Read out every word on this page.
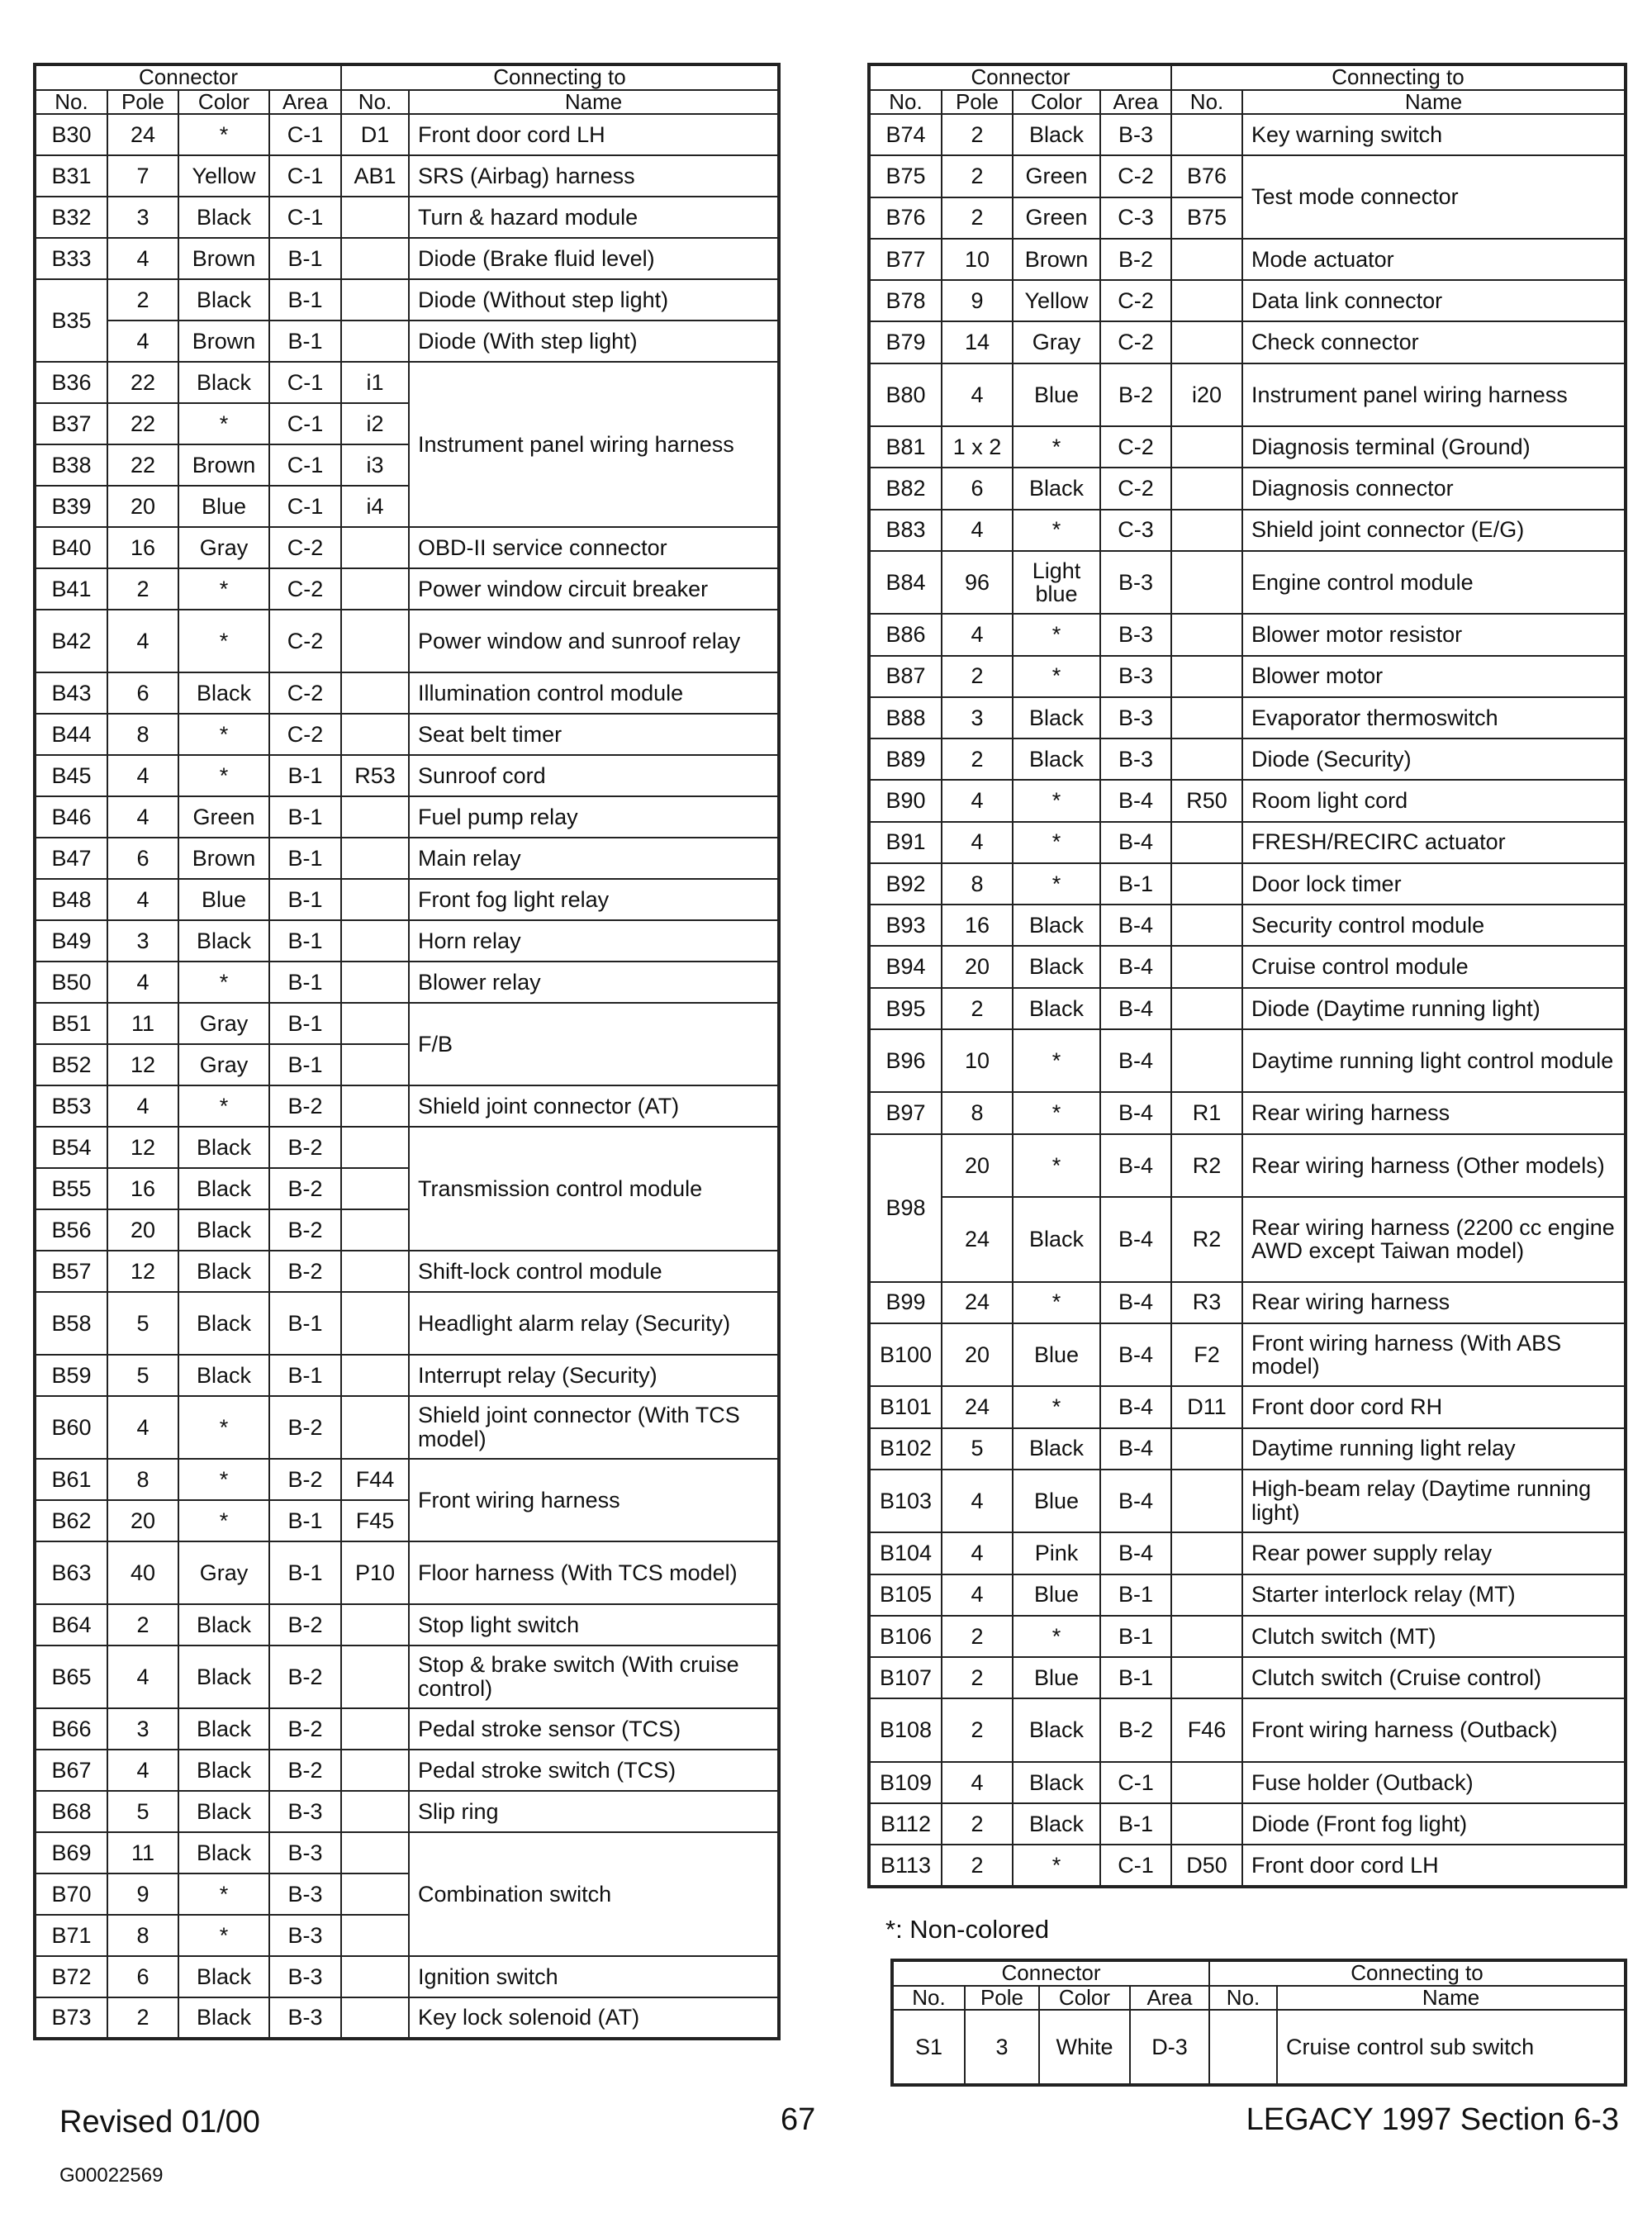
Connector				Connecting to	
No.	Pole	Color	Area	No.	Name
B30	24	*	C-1	D1	Front door cord LH
B31	7	Yellow	C-1	AB1	SRS (Airbag) harness
B32	3	Black	C-1		Turn & hazard module
B33	4	Brown	B-1		Diode (Brake fluid level)
B35	2	Black	B-1		Diode (Without step light)
	4	Brown	B-1		Diode (With step light)
B36	22	Black	C-1	i1	Instrument panel wiring harness
B37	22	*	C-1	i2	
B38	22	Brown	C-1	i3	
B39	20	Blue	C-1	i4	
B40	16	Gray	C-2		OBD-II service connector
B41	2	*	C-2		Power window circuit breaker
B42	4	*	C-2		Power window and sunroof relay
B43	6	Black	C-2		Illumination control module
B44	8	*	C-2		Seat belt timer
B45	4	*	B-1	R53	Sunroof cord
B46	4	Green	B-1		Fuel pump relay
B47	6	Brown	B-1		Main relay
B48	4	Blue	B-1		Front fog light relay
B49	3	Black	B-1		Horn relay
B50	4	*	B-1		Blower relay
B51	11	Gray	B-1		F/B
B52	12	Gray	B-1		
B53	4	*	B-2		Shield joint connector (AT)
B54	12	Black	B-2		Transmission control module
B55	16	Black	B-2		
B56	20	Black	B-2		
B57	12	Black	B-2		Shift-lock control module
B58	5	Black	B-1		Headlight alarm relay (Security)
B59	5	Black	B-1		Interrupt relay (Security)
B60	4	*	B-2		Shield joint connector (With TCS model)
B61	8	*	B-2	F44	Front wiring harness
B62	20	*	B-1	F45	
B63	40	Gray	B-1	P10	Floor harness (With TCS model)
B64	2	Black	B-2		Stop light switch
B65	4	Black	B-2		Stop & brake switch (With cruise control)
B66	3	Black	B-2		Pedal stroke sensor (TCS)
B67	4	Black	B-2		Pedal stroke switch (TCS)
B68	5	Black	B-3		Slip ring
B69	11	Black	B-3		Combination switch
B70	9	*	B-3		
B71	8	*	B-3		
B72	6	Black	B-3		Ignition switch
B73	2	Black	B-3		Key lock solenoid (AT)
Connector				Connecting to	
No.	Pole	Color	Area	No.	Name
B74	2	Black	B-3		Key warning switch
B75	2	Green	C-2	B76	Test mode connector
B76	2	Green	C-3	B75	
B77	10	Brown	B-2		Mode actuator
B78	9	Yellow	C-2		Data link connector
B79	14	Gray	C-2		Check connector
B80	4	Blue	B-2	i20	Instrument panel wiring harness
B81	1 x 2	*	C-2		Diagnosis terminal (Ground)
B82	6	Black	C-2		Diagnosis connector
B83	4	*	C-3		Shield joint connector (E/G)
B84	96	Light blue	B-3		Engine control module
B86	4	*	B-3		Blower motor resistor
B87	2	*	B-3		Blower motor
B88	3	Black	B-3		Evaporator thermoswitch
B89	2	Black	B-3		Diode (Security)
B90	4	*	B-4	R50	Room light cord
B91	4	*	B-4		FRESH/RECIRC actuator
B92	8	*	B-1		Door lock timer
B93	16	Black	B-4		Security control module
B94	20	Black	B-4		Cruise control module
B95	2	Black	B-4		Diode (Daytime running light)
B96	10	*	B-4		Daytime running light control module
B97	8	*	B-4	R1	Rear wiring harness
B98	20	*	B-4	R2	Rear wiring harness (Other models)
	24	Black	B-4	R2	Rear wiring harness (2200 cc engine AWD except Taiwan model)
B99	24	*	B-4	R3	Rear wiring harness
B100	20	Blue	B-4	F2	Front wiring harness (With ABS model)
B101	24	*	B-4	D11	Front door cord RH
B102	5	Black	B-4		Daytime running light relay
B103	4	Blue	B-4		High-beam relay (Daytime running light)
B104	4	Pink	B-4		Rear power supply relay
B105	4	Blue	B-1		Starter interlock relay (MT)
B106	2	*	B-1		Clutch switch (MT)
B107	2	Blue	B-1		Clutch switch (Cruise control)
B108	2	Black	B-2	F46	Front wiring harness (Outback)
B109	4	Black	C-1		Fuse holder (Outback)
B112	2	Black	B-1		Diode (Front fog light)
B113	2	*	C-1	D50	Front door cord LH
*: Non-colored
Connector				Connecting to	
No.	Pole	Color	Area	No.	Name
S1	3	White	D-3		Cruise control sub switch
Revised 01/00	67	LEGACY 1997 Section 6-3
G00022569
